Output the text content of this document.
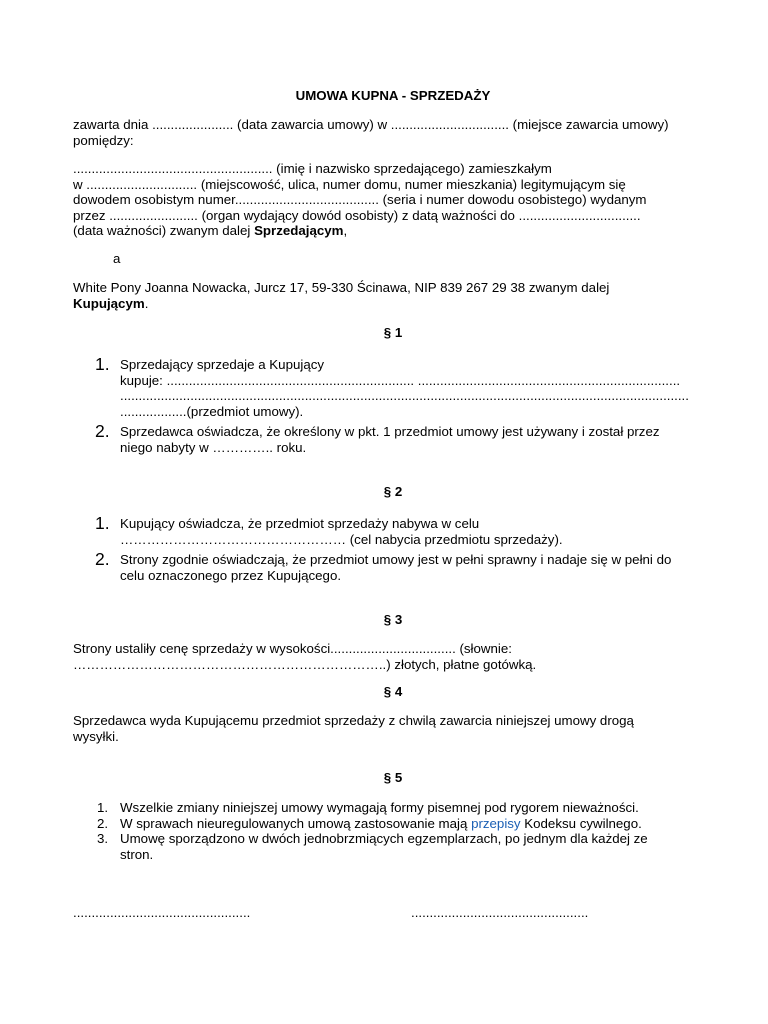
UMOWA KUPNA - SPRZEDAŻY

zawarta dnia ...................... (data zawarcia umowy) w ................................ (miejsce zawarcia umowy)

pomiędzy:

...................................................... (imię i nazwisko sprzedającego) zamieszkałym

w .............................. (miejscowość, ulica, numer domu, numer mieszkania) legitymującym się

dowodem osobistym numer....................................... (seria i numer dowodu osobistego) wydanym

przez ........................ (organ wydający dowód osobisty) z datą ważności do .................................

(data ważności) zwanym dalej Sprzedającym,

a

White Pony Joanna Nowacka, Jurcz 17, 59-330 Ścinawa, NIP 839 267 29 38 zwanym dalej

Kupującym.

§ 1
1. Sprzedający sprzedaje a Kupujący

kupuje: ................................................................... .......................................................................

..........................................................................................................................................................

..................(przedmiot umowy).

2. Sprzedawca oświadcza, że określony w pkt. 1 przedmiot umowy jest używany i został przez

niego nabyty w ………….. roku.

§ 2
1. Kupujący oświadcza, że przedmiot sprzedaży nabywa w celu

…………………………………………… (cel nabycia przedmiotu sprzedaży).

2. Strony zgodnie oświadczają, że przedmiot umowy jest w pełni sprawny i nadaje się w pełni do

celu oznaczonego przez Kupującego.

§ 3

Strony ustaliły cenę sprzedaży w wysokości.................................. (słownie:

……………………………………………………………..) złotych, płatne gotówką.

§ 4

Sprzedawca wyda Kupującemu przedmiot sprzedaży z chwilą zawarcia niniejszej umowy drogą

wysyłki.

§ 5
1. Wszelkie zmiany niniejszej umowy wymagają formy pisemnej pod rygorem nieważności.

2. W sprawach nieuregulowanych umową zastosowanie mają przepisy Kodeksu cywilnego.

3. Umowę sporządzono w dwóch jednobrzmiących egzemplarzach, po jednym dla każdej ze

stron.

................................................	................................................
